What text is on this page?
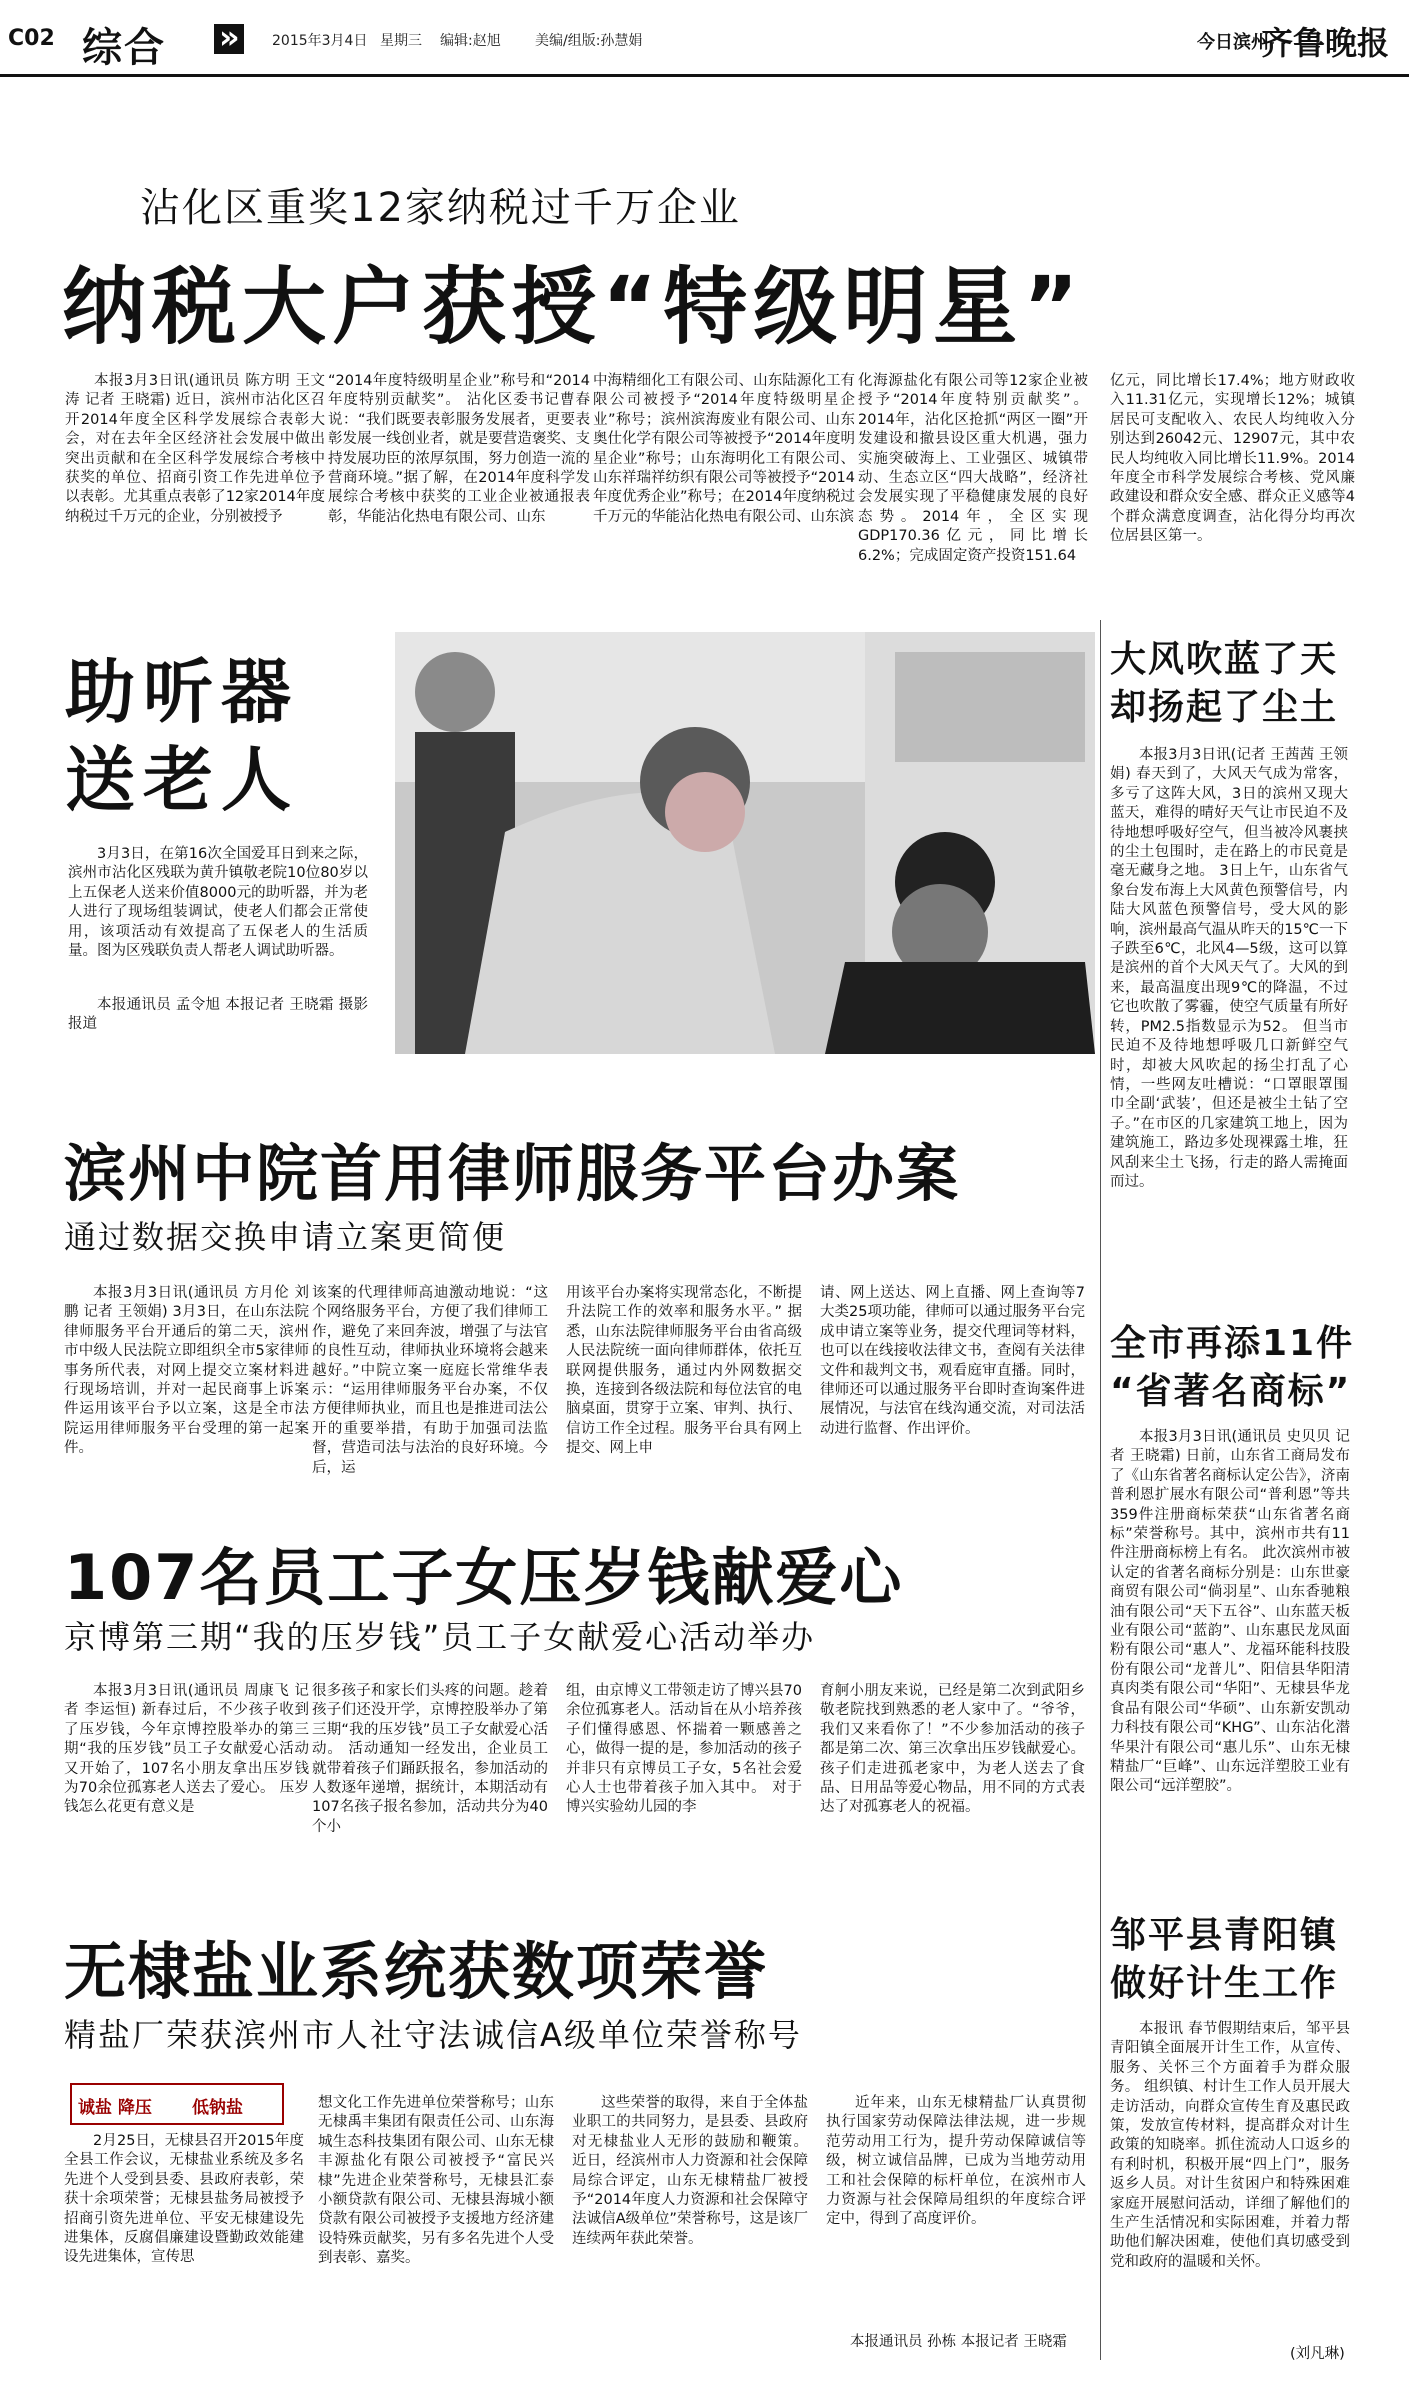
C02 综合
»	2015年3月4日 星期三 编辑:赵旭 美编/组版:孙慧娟	今日滨州
齐鲁晚报
沾化区重奖12家纳税过千万企业
纳税大户获授“特级明星”
本报3月3日讯(通讯员 陈方明 王文涛 记者 王晓霜) 近日，滨州市沾化区召开2014年度全区科学发展综合表彰大会，对在去年全区经济社会发展中做出突出贡献和在全区科学发展综合考核中获奖的单位、招商引资工作先进单位予以表彰。尤其重点表彰了12家2014年度纳税过千万元的企业，分别被授予
“2014年度特级明星企业”称号和“2014年度特别贡献奖”。 沾化区委书记曹春说：“我们既要表彰服务发展者，更要表彰发展一线创业者，就是要营造褒奖、支持发展功臣的浓厚氛围，努力创造一流的营商环境。”据了解，在2014年度科学发展综合考核中获奖的工业企业被通报表彰，华能沾化热电有限公司、山东
中海精细化工有限公司、山东陆源化工有限公司被授予“2014年度特级明星企业”称号；滨州滨海废业有限公司、山东奥仕化学有限公司等被授予“2014年度明星企业”称号；山东海明化工有限公司、山东祥瑞祥纺织有限公司等被授予“2014年度优秀企业”称号；在2014年度纳税过千万元的华能沾化热电有限公司、山东滨
化海源盐化有限公司等12家企业被授予“2014年度特别贡献奖”。 2014年，沾化区抢抓“两区一圈”开发建设和撤县设区重大机遇，强力实施突破海上、工业强区、城镇带动、生态立区“四大战略”，经济社会发展实现了平稳健康发展的良好态势。2014年，全区实现GDP170.36亿元，同比增长6.2%；完成固定资产投资151.64
亿元，同比增长17.4%；地方财政收入11.31亿元，实现增长12%；城镇居民可支配收入、农民人均纯收入分别达到26042元、12907元，其中农民人均纯收入同比增长11.9%。2014年度全市科学发展综合考核、党风廉政建设和群众安全感、群众正义感等4个群众满意度调查，沾化得分均再次位居县区第一。
助听器
送老人
3月3日，在第16次全国爱耳日到来之际，滨州市沾化区残联为黄升镇敬老院10位80岁以上五保老人送来价值8000元的助听器，并为老人进行了现场组装调试，使老人们都会正常使用，该项活动有效提高了五保老人的生活质量。图为区残联负责人帮老人调试助听器。
本报通讯员 孟令旭 本报记者 王晓霜 摄影报道
大风吹蓝了天
却扬起了尘土
本报3月3日讯(记者 王茜茜 王领娟) 春天到了，大风天气成为常客，多亏了这阵大风，3日的滨州又现大蓝天，难得的晴好天气让市民迫不及待地想呼吸好空气，但当被冷风裹挟的尘土包围时，走在路上的市民竟是毫无藏身之地。 3日上午，山东省气象台发布海上大风黄色预警信号，内陆大风蓝色预警信号，受大风的影响，滨州最高气温从昨天的15℃一下子跌至6℃，北风4—5级，这可以算是滨州的首个大风天气了。大风的到来，最高温度出现9℃的降温，不过它也吹散了雾霾，使空气质量有所好转，PM2.5指数显示为52。 但当市民迫不及待地想呼吸几口新鲜空气时，却被大风吹起的扬尘打乱了心情，一些网友吐槽说：“口罩眼罩围巾全副‘武装’，但还是被尘土钻了空子。”在市区的几家建筑工地上，因为建筑施工，路边多处现裸露土堆，狂风刮来尘土飞扬，行走的路人需掩面而过。
滨州中院首用律师服务平台办案
通过数据交换申请立案更简便
本报3月3日讯(通讯员 方月伦 刘鹏 记者 王领娟) 3月3日，在山东法院律师服务平台开通后的第二天，滨州市中级人民法院立即组织全市5家律师事务所代表，对网上提交立案材料进行现场培训，并对一起民商事上诉案件运用该平台予以立案，这是全市法院运用律师服务平台受理的第一起案件。
该案的代理律师高迪激动地说：“这个网络服务平台，方便了我们律师工作，避免了来回奔波，增强了与法官的良性互动，律师执业环境将会越来越好。”中院立案一庭庭长常维华表示：“运用律师服务平台办案，不仅方便律师执业，而且也是推进司法公开的重要举措，有助于加强司法监督，营造司法与法治的良好环境。今后，运
用该平台办案将实现常态化，不断提升法院工作的效率和服务水平。” 据悉，山东法院律师服务平台由省高级人民法院统一面向律师群体，依托互联网提供服务，通过内外网数据交换，连接到各级法院和每位法官的电脑桌面，贯穿于立案、审判、执行、信访工作全过程。服务平台具有网上提交、网上申
请、网上送达、网上直播、网上查询等7大类25项功能，律师可以通过服务平台完成申请立案等业务，提交代理词等材料，也可以在线接收法律文书，查阅有关法律文件和裁判文书，观看庭审直播。同时，律师还可以通过服务平台即时查询案件进展情况，与法官在线沟通交流，对司法活动进行监督、作出评价。
全市再添11件
“省著名商标”
本报3月3日讯(通讯员 史贝贝 记者 王晓霜) 日前，山东省工商局发布了《山东省著名商标认定公告》，济南普利恩扩展水有限公司“普利恩”等共359件注册商标荣获“山东省著名商标”荣誉称号。其中，滨州市共有11件注册商标榜上有名。 此次滨州市被认定的省著名商标分别是：山东世豪商贸有限公司“倘羽星”、山东香驰粮油有限公司“天下五谷”、山东蓝天板业有限公司“蓝韵”、山东惠民龙凤面粉有限公司“惠人”、龙福环能科技股份有限公司“龙普儿”、阳信县华阳清真肉类有限公司“华阳”、无棣县华龙食品有限公司“华硕”、山东新安凯动力科技有限公司“KHG”、山东沾化潜华果汁有限公司“惠儿乐”、山东无棣精盐厂“巨峰”、山东远洋塑胶工业有限公司“远洋塑胶”。
107名员工子女压岁钱献爱心
京博第三期“我的压岁钱”员工子女献爱心活动举办
本报3月3日讯(通讯员 周康飞 记者 李运恒) 新春过后，不少孩子收到了压岁钱，今年京博控股举办的第三期“我的压岁钱”员工子女献爱心活动又开始了，107名小朋友拿出压岁钱为70余位孤寡老人送去了爱心。 压岁钱怎么花更有意义是
很多孩子和家长们头疼的问题。趁着孩子们还没开学，京博控股举办了第三期“我的压岁钱”员工子女献爱心活动。 活动通知一经发出，企业员工就带着孩子们踊跃报名，参加活动的人数逐年递增，据统计，本期活动有107名孩子报名参加，活动共分为40个小
组，由京博义工带领走访了博兴县70余位孤寡老人。活动旨在从小培养孩子们懂得感恩、怀揣着一颗感善之心，做得一提的是，参加活动的孩子并非只有京博员工子女，5名社会爱心人士也带着孩子加入其中。 对于博兴实验幼儿园的李
育舸小朋友来说，已经是第二次到武阳乡敬老院找到熟悉的老人家中了。“爷爷，我们又来看你了！”不少参加活动的孩子都是第二次、第三次拿出压岁钱献爱心。孩子们走进孤老家中，为老人送去了食品、日用品等爱心物品，用不同的方式表达了对孤寡老人的祝福。
邹平县青阳镇
做好计生工作
本报讯 春节假期结束后，邹平县青阳镇全面展开计生工作，从宣传、服务、关怀三个方面着手为群众服务。 组织镇、村计生工作人员开展大走访活动，向群众宣传生育及惠民政策，发放宣传材料，提高群众对计生政策的知晓率。抓住流动人口返乡的有利时机，积极开展“四上门”，服务返乡人员。对计生贫困户和特殊困难家庭开展慰问活动，详细了解他们的生产生活情况和实际困难，并着力帮助他们解决困难，使他们真切感受到党和政府的温暖和关怀。
(刘凡琳)
无棣盐业系统获数项荣誉
精盐厂荣获滨州市人社守法诚信A级单位荣誉称号
诚盐 降压 低钠盐
2月25日，无棣县召开2015年度全县工作会议，无棣盐业系统及多名先进个人受到县委、县政府表彰，荣获十余项荣誉；无棣县盐务局被授予招商引资先进单位、平安无棣建设先进集体，反腐倡廉建设暨勤政效能建设先进集体，宣传思
想文化工作先进单位荣誉称号；山东无棣禹丰集团有限责任公司、山东海城生态科技集团有限公司、山东无棣丰源盐化有限公司被授予“富民兴棣”先进企业荣誉称号，无棣县汇泰小额贷款有限公司、无棣县海城小额贷款有限公司被授予支援地方经济建设特殊贡献奖，另有多名先进个人受到表彰、嘉奖。
这些荣誉的取得，来自于全体盐业职工的共同努力，是县委、县政府对无棣盐业人无形的鼓励和鞭策。 近日，经滨州市人力资源和社会保障局综合评定，山东无棣精盐厂被授予“2014年度人力资源和社会保障守法诚信A级单位”荣誉称号，这是该厂连续两年获此荣誉。
近年来，山东无棣精盐厂认真贯彻执行国家劳动保障法律法规，进一步规范劳动用工行为，提升劳动保障诚信等级，树立诚信品牌，已成为当地劳动用工和社会保障的标杆单位，在滨州市人力资源与社会保障局组织的年度综合评定中，得到了高度评价。
本报通讯员 孙栋 本报记者 王晓霜
